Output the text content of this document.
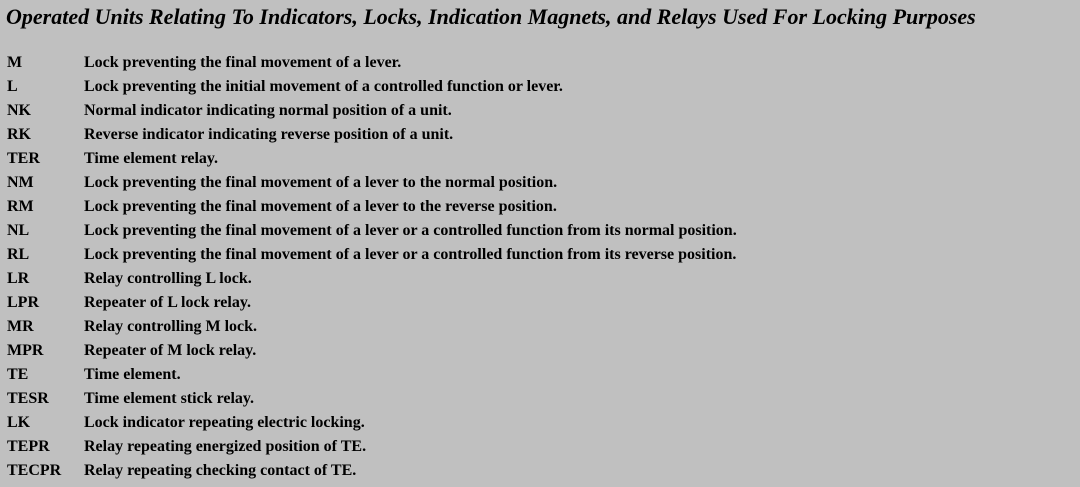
Operated Units Relating To Indicators, Locks, Indication Magnets, and Relays Used For Locking Purposes
M	Lock preventing the final movement of a lever.
L	Lock preventing the initial movement of a controlled function or lever.
NK	Normal indicator indicating normal position of a unit.
RK	Reverse indicator indicating reverse position of a unit.
TER	Time element relay.
NM	Lock preventing the final movement of a lever to the normal position.
RM	Lock preventing the final movement of a lever to the reverse position.
NL	Lock preventing the final movement of a lever or a controlled function from its normal position.
RL	Lock preventing the final movement of a lever or a controlled function from its reverse position.
LR	Relay controlling L lock.
LPR	Repeater of L lock relay.
MR	Relay controlling M lock.
MPR	Repeater of M lock relay.
TE	Time element.
TESR	Time element stick relay.
LK	Lock indicator repeating electric locking.
TEPR	Relay repeating energized position of TE.
TECPR	Relay repeating checking contact of TE.
